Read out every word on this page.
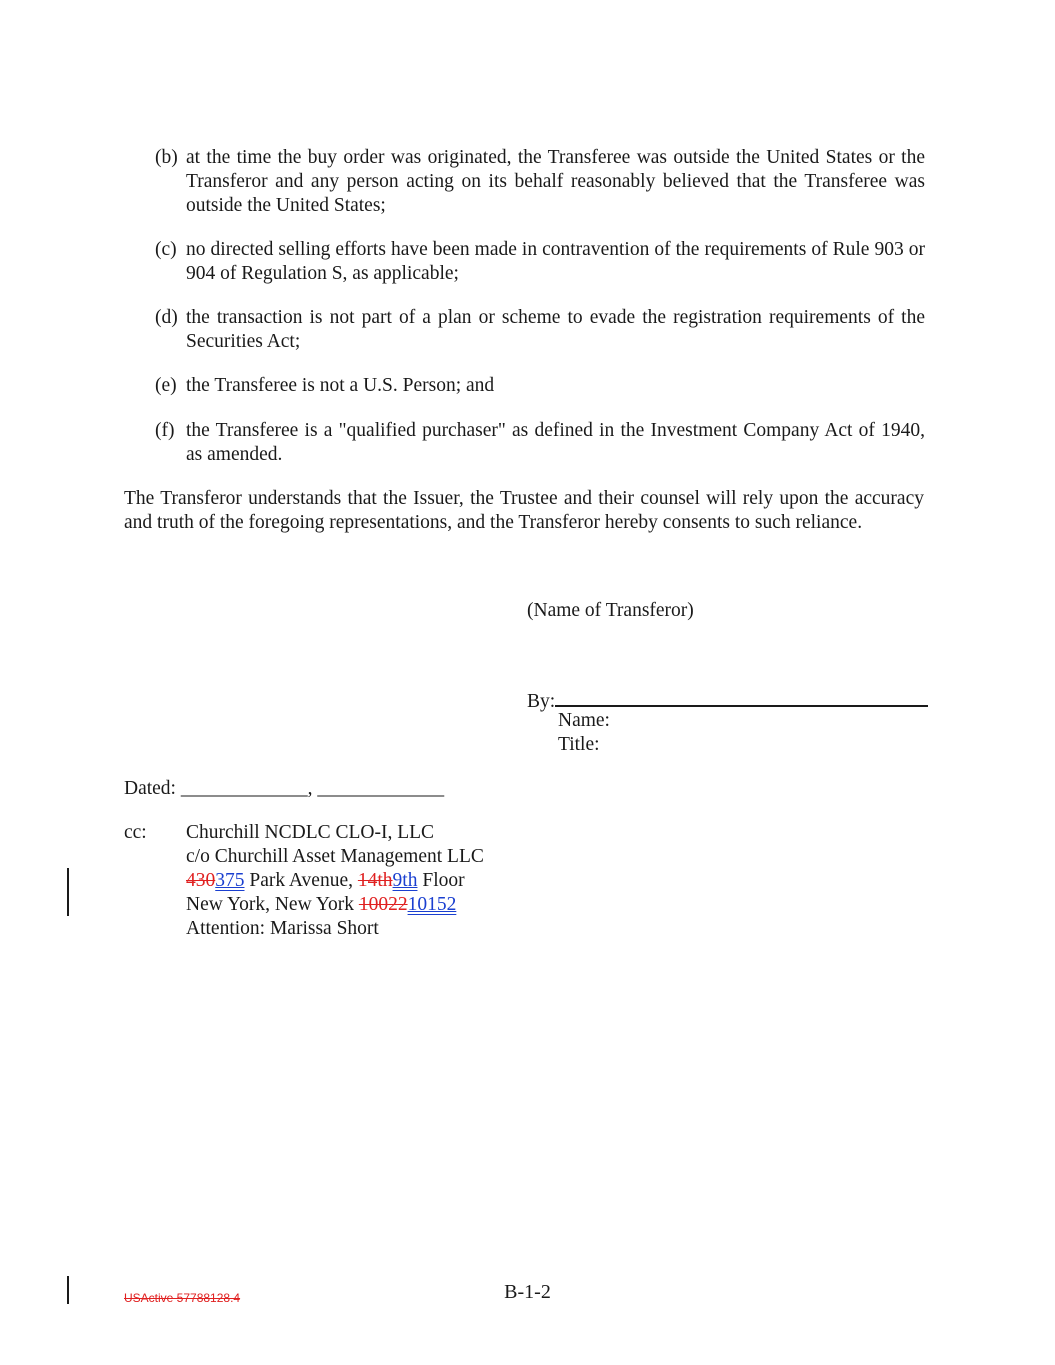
(b) at the time the buy order was originated, the Transferee was outside the United States or the Transferor and any person acting on its behalf reasonably believed that the Transferee was outside the United States;
(c) no directed selling efforts have been made in contravention of the requirements of Rule 903 or 904 of Regulation S, as applicable;
(d) the transaction is not part of a plan or scheme to evade the registration requirements of the Securities Act;
(e) the Transferee is not a U.S. Person; and
(f) the Transferee is a "qualified purchaser" as defined in the Investment Company Act of 1940, as amended.
The Transferor understands that the Issuer, the Trustee and their counsel will rely upon the accuracy and truth of the foregoing representations, and the Transferor hereby consents to such reliance.
(Name of Transferor)
By:
Name:
Title:
Dated: _____________, _____________
cc: Churchill NCDLC CLO-I, LLC
c/o Churchill Asset Management LLC
430375 Park Avenue, 14th9th Floor
New York, New York 1002210152
Attention: Marissa Short
USActive 57788128.4	B-1-2
